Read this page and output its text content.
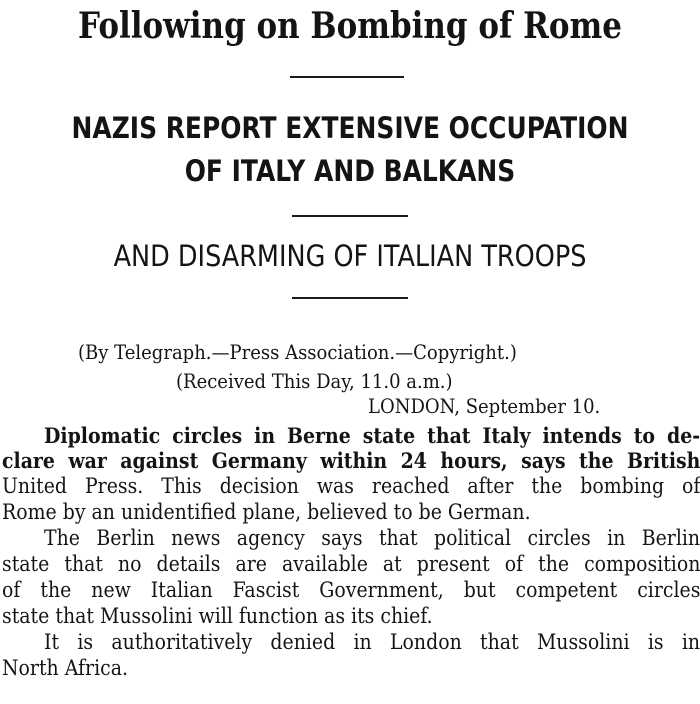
Following on Bombing of Rome
NAZIS REPORT EXTENSIVE OCCUPATION
OF ITALY AND BALKANS
AND DISARMING OF ITALIAN TROOPS
(By Telegraph.—Press Association.—Copyright.)
(Received This Day, 11.0 a.m.)
LONDON, September 10.
Diplomatic circles in Berne state that Italy intends to de-
clare war against Germany within 24 hours, says the British
United Press. This decision was reached after the bombing of
Rome by an unidentified plane, believed to be German.
The Berlin news agency says that political circles in Berlin
state that no details are available at present of the composition
of the new Italian Fascist Government, but competent circles
state that Mussolini will function as its chief.
It is authoritatively denied in London that Mussolini is in
North Africa.
